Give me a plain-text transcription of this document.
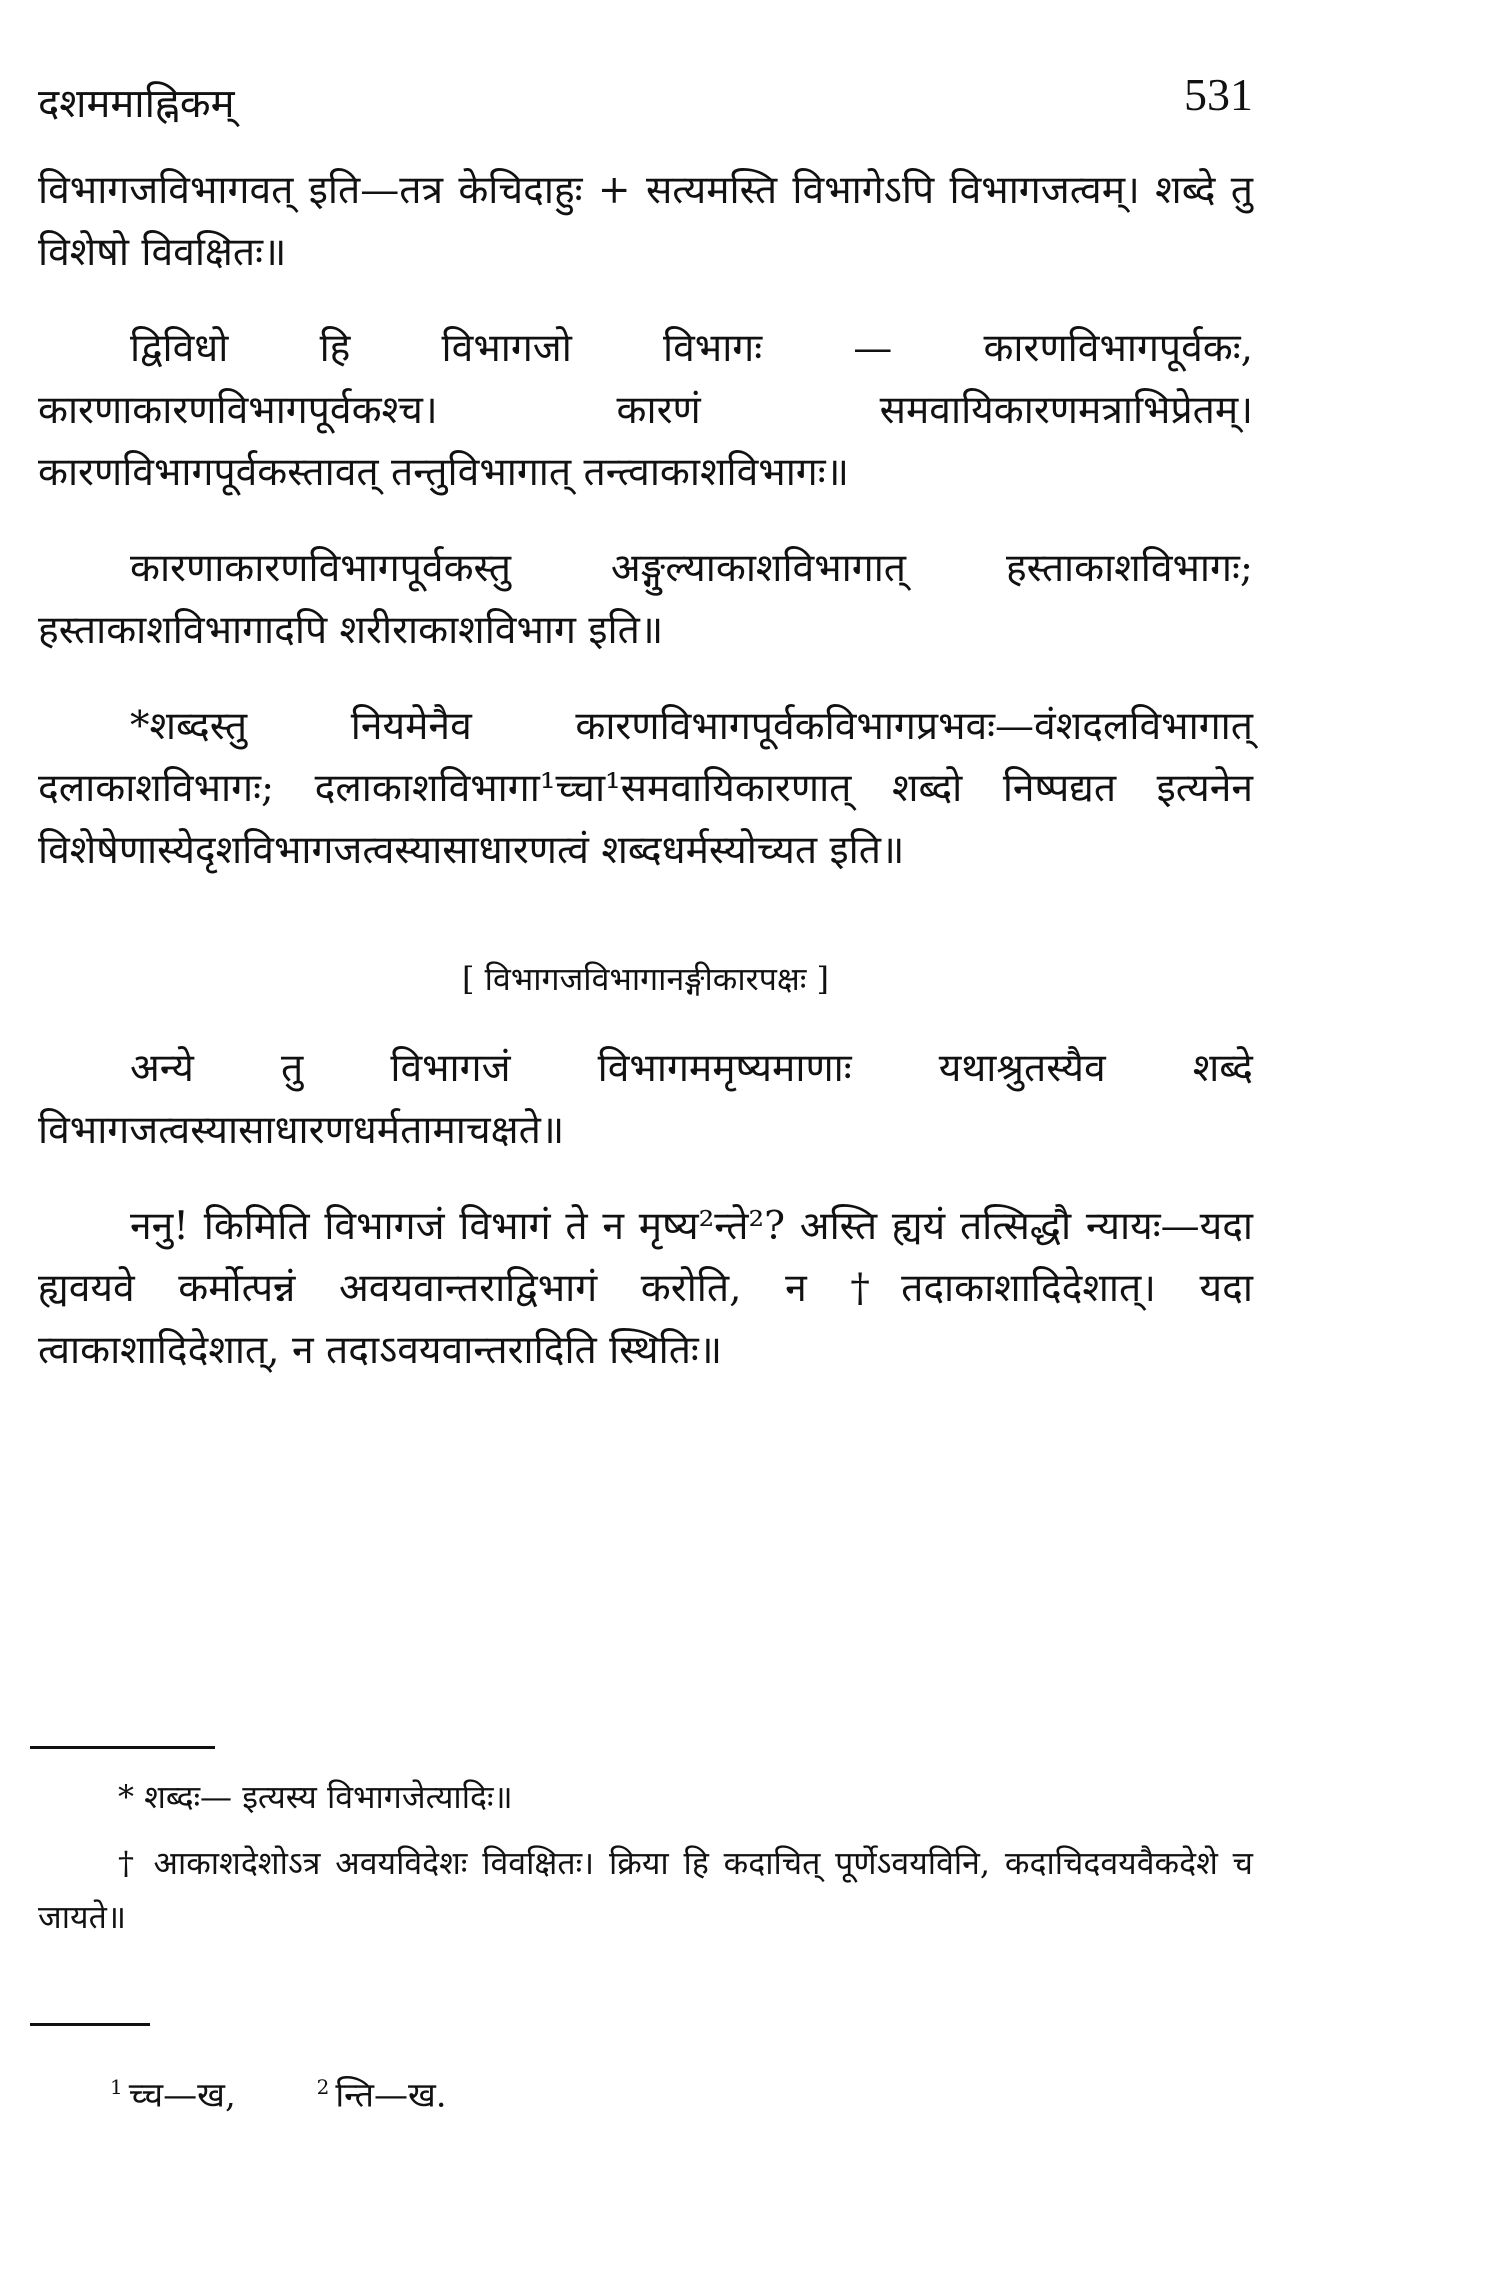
दशममाह्निकम्	531

विभागजविभागवत् इति—तत्र केचिदाहुः + सत्यमस्ति विभागेऽपि विभागजत्वम्। शब्दे तु विशेषो विवक्षितः॥

द्विविधो हि विभागजो विभागः — कारणविभागपूर्वकः, कारणाकारणविभागपूर्वकश्च। कारणं समवायिकारणमत्राभिप्रेतम्। कारणविभागपूर्वकस्तावत् तन्तुविभागात् तन्त्वाकाशविभागः॥

कारणाकारणविभागपूर्वकस्तु अङ्गुल्याकाशविभागात् हस्ताकाशविभागः; हस्ताकाशविभागादपि शरीराकाशविभाग इति॥

*शब्दस्तु नियमेनैव कारणविभागपूर्वकविभागप्रभवः—वंशदलविभागात् दलाकाशविभागः; दलाकाशविभागा¹च्चा¹समवायिकारणात् शब्दो निष्पद्यत इत्यनेन विशेषेणास्येदृशविभागजत्वस्यासाधारणत्वं शब्दधर्मस्योच्यत इति॥

[ विभागजविभागानङ्गीकारपक्षः ]

अन्ये तु विभागजं विभागममृष्यमाणाः यथाश्रुतस्यैव शब्दे विभागजत्वस्यासाधारणधर्मतामाचक्षते॥

ननु! किमिति विभागजं विभागं ते न मृष्य²न्ते²? अस्ति ह्ययं तत्सिद्धौ न्यायः—यदा ह्यवयवे कर्मोत्पन्नं अवयवान्तराद्विभागं करोति, न †तदाकाशादिदेशात्। यदा त्वाकाशादिदेशात्, न तदाऽवयवान्तरादिति स्थितिः॥

* शब्दः— इत्यस्य विभागजेत्यादिः॥

† आकाशदेशोऽत्र अवयविदेशः विवक्षितः। क्रिया हि कदाचित् पूर्णेऽवयविनि, कदाचिदवयवैकदेशे च जायते॥

$^1$ च्च—ख,	$^2$ न्ति—ख.
